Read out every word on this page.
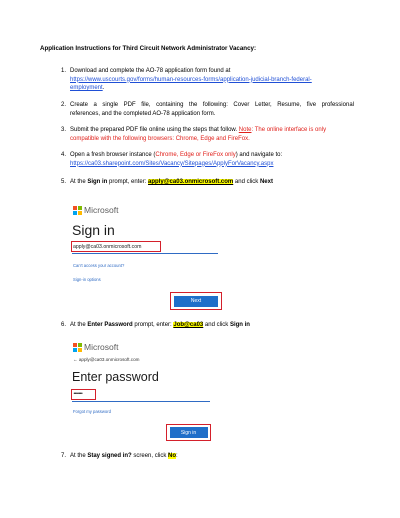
Application Instructions for Third Circuit Network Administrator Vacancy:
1. Download and complete the AO-78 application form found at
https://www.uscourts.gov/forms/human-resources-forms/application-judicial-branch-federal-
employment.
2. Create a single PDF file, containing the following: Cover Letter, Resume, five professional
references, and the completed AO-78 application form.
3. Submit the prepared PDF file online using the steps that follow. Note: The online interface is only
compatible with the following browsers: Chrome, Edge and FireFox.
4. Open a fresh browser instance (Chrome, Edge or FireFox only) and navigate to:
https://ca03.sharepoint.com/Sites/Vacancy/Sitepages/ApplyForVacancy.aspx
5. At the Sign in prompt, enter: apply@ca03.onmicrosoft.com and click Next
Microsoft
Sign in
apply@ca03.onmicrosoft.com
Can't access your account?
Sign-in options
Next
6. At the Enter Password prompt, enter: Job@ca03 and click Sign in
Microsoft
← apply@ca03.onmicrosoft.com
Enter password
•••••••
Forgot my password
Sign in
7. At the Stay signed in? screen, click No:
